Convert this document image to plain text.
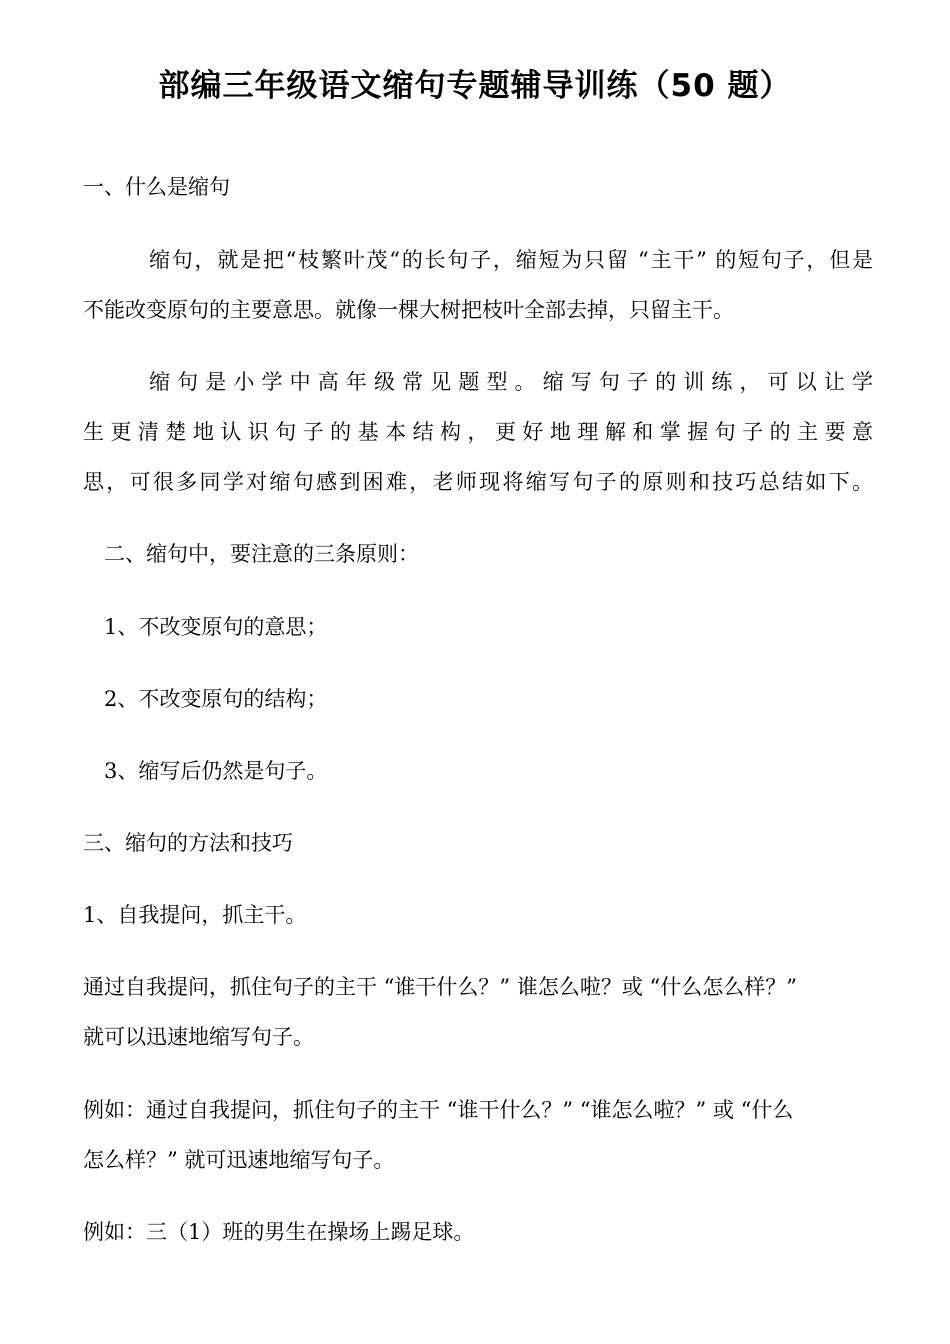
部编三年级语文缩句专题辅导训练（50 题）
一、什么是缩句
缩句，就是把“枝繁叶茂“的长句子，缩短为只留 “主干” 的短句子，但是
不能改变原句的主要意思。就像一棵大树把枝叶全部去掉，只留主干。
缩句是小学中高年级常见题型。缩写句子的训练，可以让学
生更清楚地认识句子的基本结构，更好地理解和掌握句子的主要意
思，可很多同学对缩句感到困难，老师现将缩写句子的原则和技巧总结如下。
二、缩句中，要注意的三条原则：
1、不改变原句的意思；
2、不改变原句的结构；
3、缩写后仍然是句子。
三、缩句的方法和技巧
1、自我提问，抓主干。
通过自我提问，抓住句子的主干 “谁干什么？” 谁怎么啦？或 “什么怎么样？”
就可以迅速地缩写句子。
例如：通过自我提问，抓住句子的主干 “谁干什么？” “谁怎么啦？” 或 “什么
怎么样？” 就可迅速地缩写句子。
例如：三（1）班的男生在操场上踢足球。
